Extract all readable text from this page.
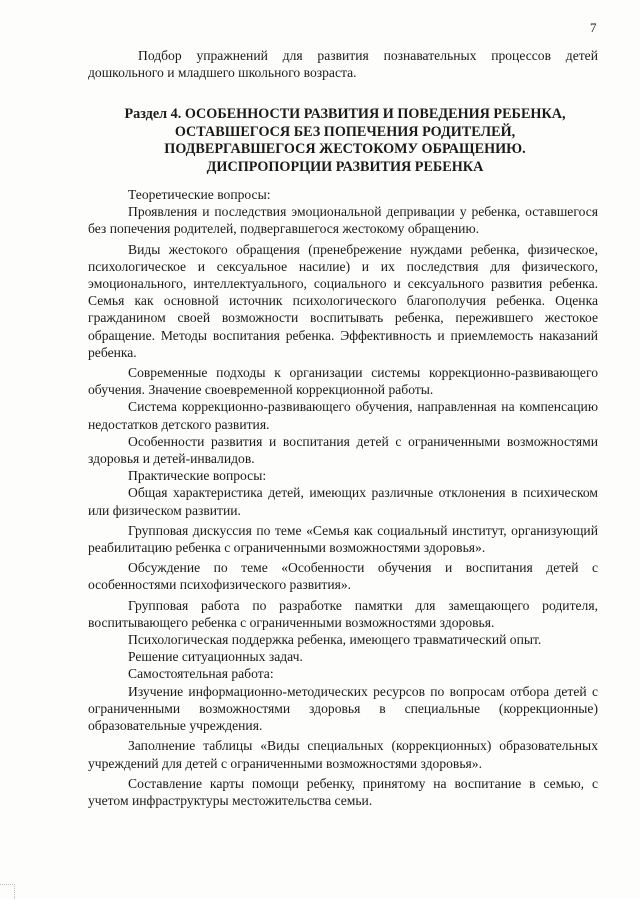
7
Подбор упражнений для развития познавательных процессов детей дошкольного и младшего школьного возраста.
Раздел 4. ОСОБЕННОСТИ РАЗВИТИЯ И ПОВЕДЕНИЯ РЕБЕНКА,
ОСТАВШЕГОСЯ БЕЗ ПОПЕЧЕНИЯ РОДИТЕЛЕЙ,
ПОДВЕРГАВШЕГОСЯ ЖЕСТОКОМУ ОБРАЩЕНИЮ.
ДИСПРОПОРЦИИ РАЗВИТИЯ РЕБЕНКА

Теоретические вопросы:

Проявления и последствия эмоциональной депривации у ребенка, оставшегося без попечения родителей, подвергавшегося жестокому обращению.

Виды жестокого обращения (пренебрежение нуждами ребенка, физическое, психологическое и сексуальное насилие) и их последствия для физического, эмоционального, интеллектуального, социального и сексуального развития ребенка. Семья как основной источник психологического благополучия ребенка. Оценка гражданином своей возможности воспитывать ребенка, пережившего жестокое обращение. Методы воспитания ребенка. Эффективность и приемлемость наказаний ребенка.

Современные подходы к организации системы коррекционно-развивающего обучения. Значение своевременной коррекционной работы.

Система коррекционно-развивающего обучения, направленная на компенсацию недостатков детского развития.

Особенности развития и воспитания детей с ограниченными возможностями здоровья и детей-инвалидов.

Практические вопросы:

Общая характеристика детей, имеющих различные отклонения в психическом или физическом развитии.

Групповая дискуссия по теме «Семья как социальный институт, организующий реабилитацию ребенка с ограниченными возможностями здоровья».

Обсуждение по теме «Особенности обучения и воспитания детей с особенностями психофизического развития».

Групповая работа по разработке памятки для замещающего родителя, воспитывающего ребенка с ограниченными возможностями здоровья.

Психологическая поддержка ребенка, имеющего травматический опыт.

Решение ситуационных задач.

Самостоятельная работа:

Изучение информационно-методических ресурсов по вопросам отбора детей с ограниченными возможностями здоровья в специальные (коррекционные) образовательные учреждения.

Заполнение таблицы «Виды специальных (коррекционных) образовательных учреждений для детей с ограниченными возможностями здоровья».

Составление карты помощи ребенку, принятому на воспитание в семью, с учетом инфраструктуры местожительства семьи.
